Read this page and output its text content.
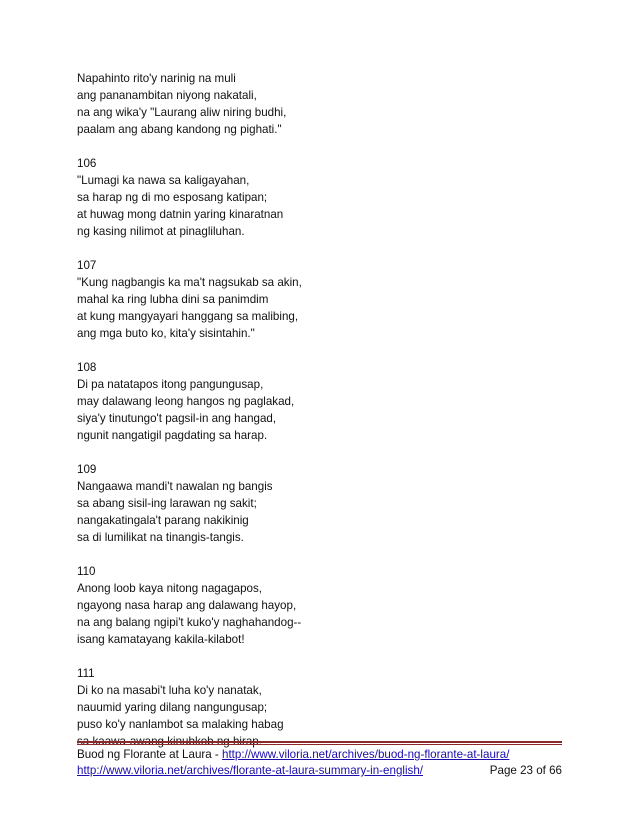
Napahinto rito'y narinig na muli
ang pananambitan niyong nakatali,
na ang wika'y "Laurang aliw niring budhi,
paalam ang abang kandong ng pighati."
106
"Lumagi ka nawa sa kaligayahan,
sa harap ng di mo esposang katipan;
at huwag mong datnin yaring kinaratnan
ng kasing nilimot at pinagliluhan.
107
"Kung nagbangis ka ma't nagsukab sa akin,
mahal ka ring lubha dini sa panimdim
at kung mangyayari hanggang sa malibing,
ang mga buto ko, kita'y sisintahin."
108
Di pa natatapos itong pangungusap,
may dalawang leong hangos ng paglakad,
siya'y tinutungo't pagsil-in ang hangad,
ngunit nangatigil pagdating sa harap.
109
Nangaawa mandi't nawalan ng bangis
sa abang sisil-ing larawan ng sakit;
nangakatingala't parang nakikinig
sa di lumilikat na tinangis-tangis.
110
Anong loob kaya nitong nagagapos,
ngayong nasa harap ang dalawang hayop,
na ang balang ngipi't kuko'y naghahandog--
isang kamatayang kakila-kilabot!
111
Di ko na masabi't luha ko'y nanatak,
nauumid yaring dilang nangungusap;
puso ko'y nanlambot sa malaking habag
Buod ng Florante at Laura - http://www.viloria.net/archives/buod-ng-florante-at-laura/
http://www.viloria.net/archives/florante-at-laura-summary-in-english/	Page 23 of 66
